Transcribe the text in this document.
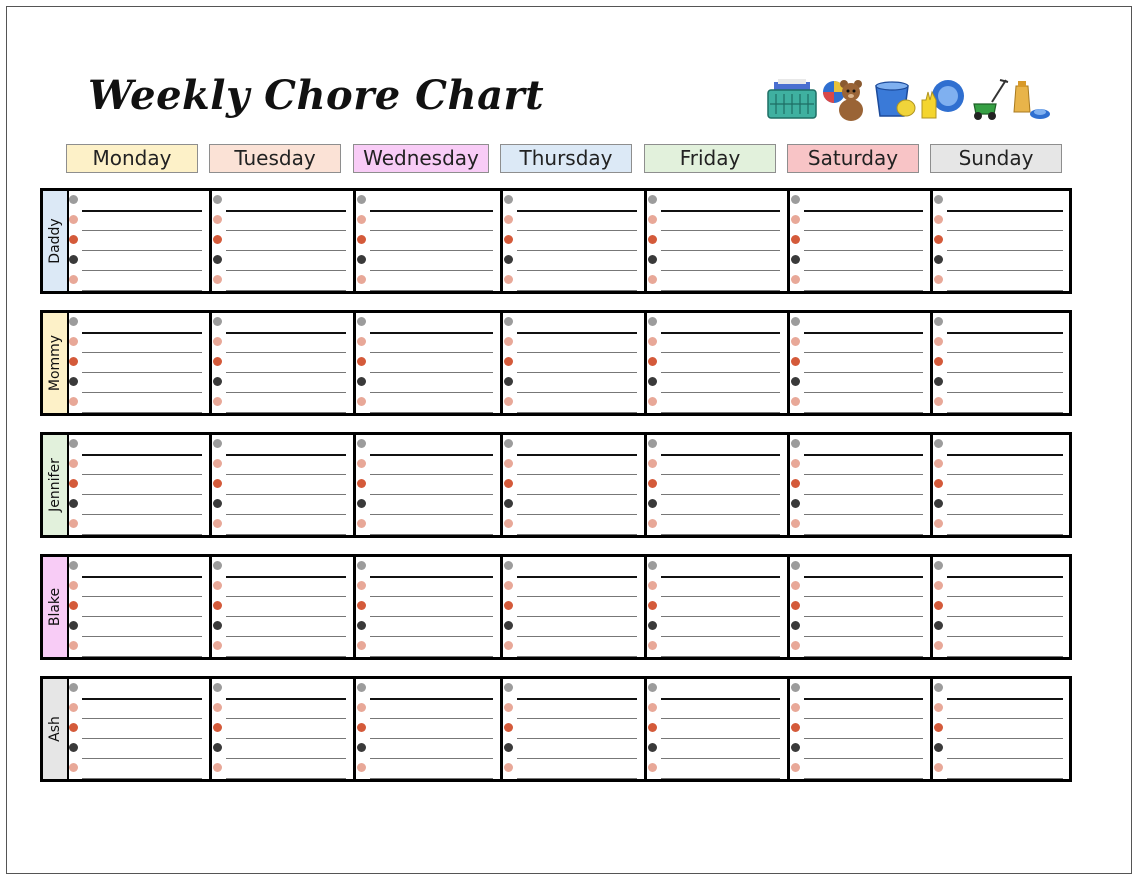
Weekly Chore Chart
Monday	Tuesday	Wednesday	Thursday	Friday	Saturday	Sunday
Daddy
Mommy
Jennifer
Blake
Ash
